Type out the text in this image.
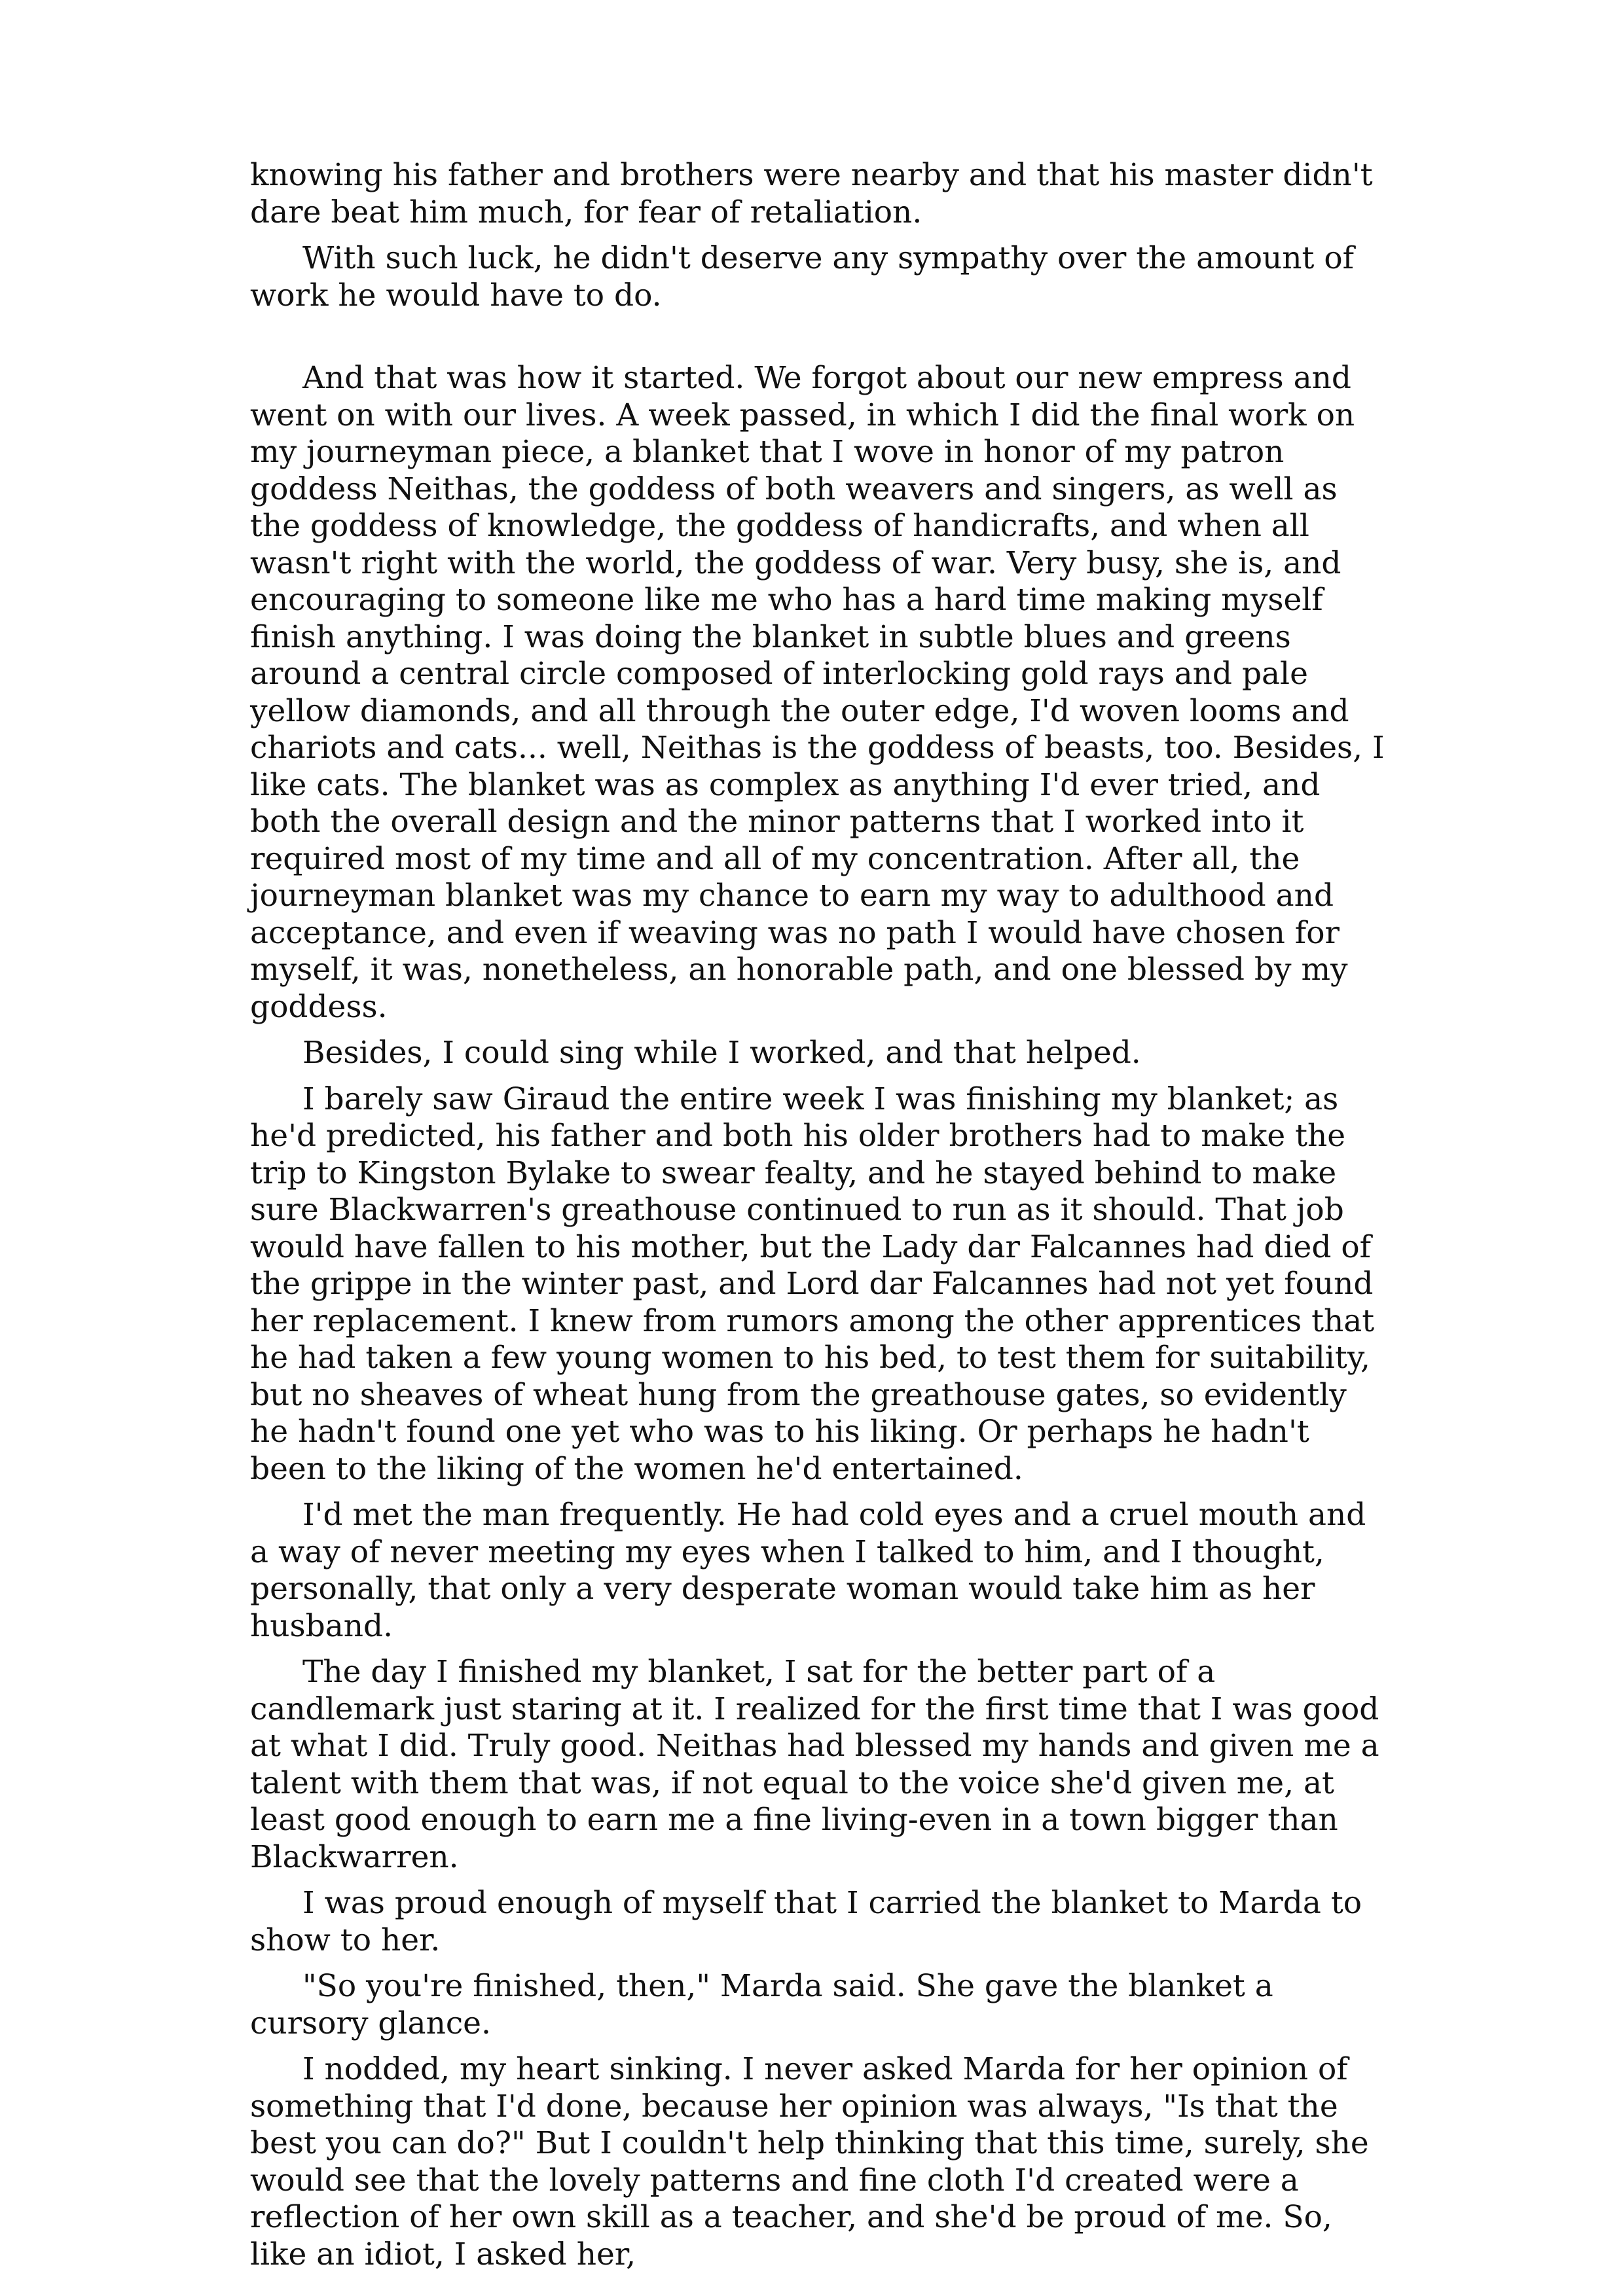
knowing his father and brothers were nearby and that his master didn't dare beat him much, for fear of retaliation.

With such luck, he didn't deserve any sympathy over the amount of work he would have to do.

And that was how it started. We forgot about our new empress and went on with our lives. A week passed, in which I did the final work on my journeyman piece, a blanket that I wove in honor of my patron goddess Neithas, the goddess of both weavers and singers, as well as the goddess of knowledge, the goddess of handicrafts, and when all wasn't right with the world, the goddess of war. Very busy, she is, and encouraging to someone like me who has a hard time making myself finish anything. I was doing the blanket in subtle blues and greens around a central circle composed of interlocking gold rays and pale yellow diamonds, and all through the outer edge, I'd woven looms and chariots and cats... well, Neithas is the goddess of beasts, too. Besides, I like cats. The blanket was as complex as anything I'd ever tried, and both the overall design and the minor patterns that I worked into it required most of my time and all of my concentration. After all, the journeyman blanket was my chance to earn my way to adulthood and acceptance, and even if weaving was no path I would have chosen for myself, it was, nonetheless, an honorable path, and one blessed by my goddess.

Besides, I could sing while I worked, and that helped.

I barely saw Giraud the entire week I was finishing my blanket; as he'd predicted, his father and both his older brothers had to make the trip to Kingston Bylake to swear fealty, and he stayed behind to make sure Blackwarren's greathouse continued to run as it should. That job would have fallen to his mother, but the Lady dar Falcannes had died of the grippe in the winter past, and Lord dar Falcannes had not yet found her replacement. I knew from rumors among the other apprentices that he had taken a few young women to his bed, to test them for suitability, but no sheaves of wheat hung from the greathouse gates, so evidently he hadn't found one yet who was to his liking. Or perhaps he hadn't been to the liking of the women he'd entertained.

I'd met the man frequently. He had cold eyes and a cruel mouth and a way of never meeting my eyes when I talked to him, and I thought, personally, that only a very desperate woman would take him as her husband.

The day I finished my blanket, I sat for the better part of a candlemark just staring at it. I realized for the first time that I was good at what I did. Truly good. Neithas had blessed my hands and given me a talent with them that was, if not equal to the voice she'd given me, at least good enough to earn me a fine living-even in a town bigger than Blackwarren.

I was proud enough of myself that I carried the blanket to Marda to show to her.

"So you're finished, then," Marda said. She gave the blanket a cursory glance.

I nodded, my heart sinking. I never asked Marda for her opinion of something that I'd done, because her opinion was always, "Is that the best you can do?" But I couldn't help thinking that this time, surely, she would see that the lovely patterns and fine cloth I'd created were a reflection of her own skill as a teacher, and she'd be proud of me. So, like an idiot, I asked her,
